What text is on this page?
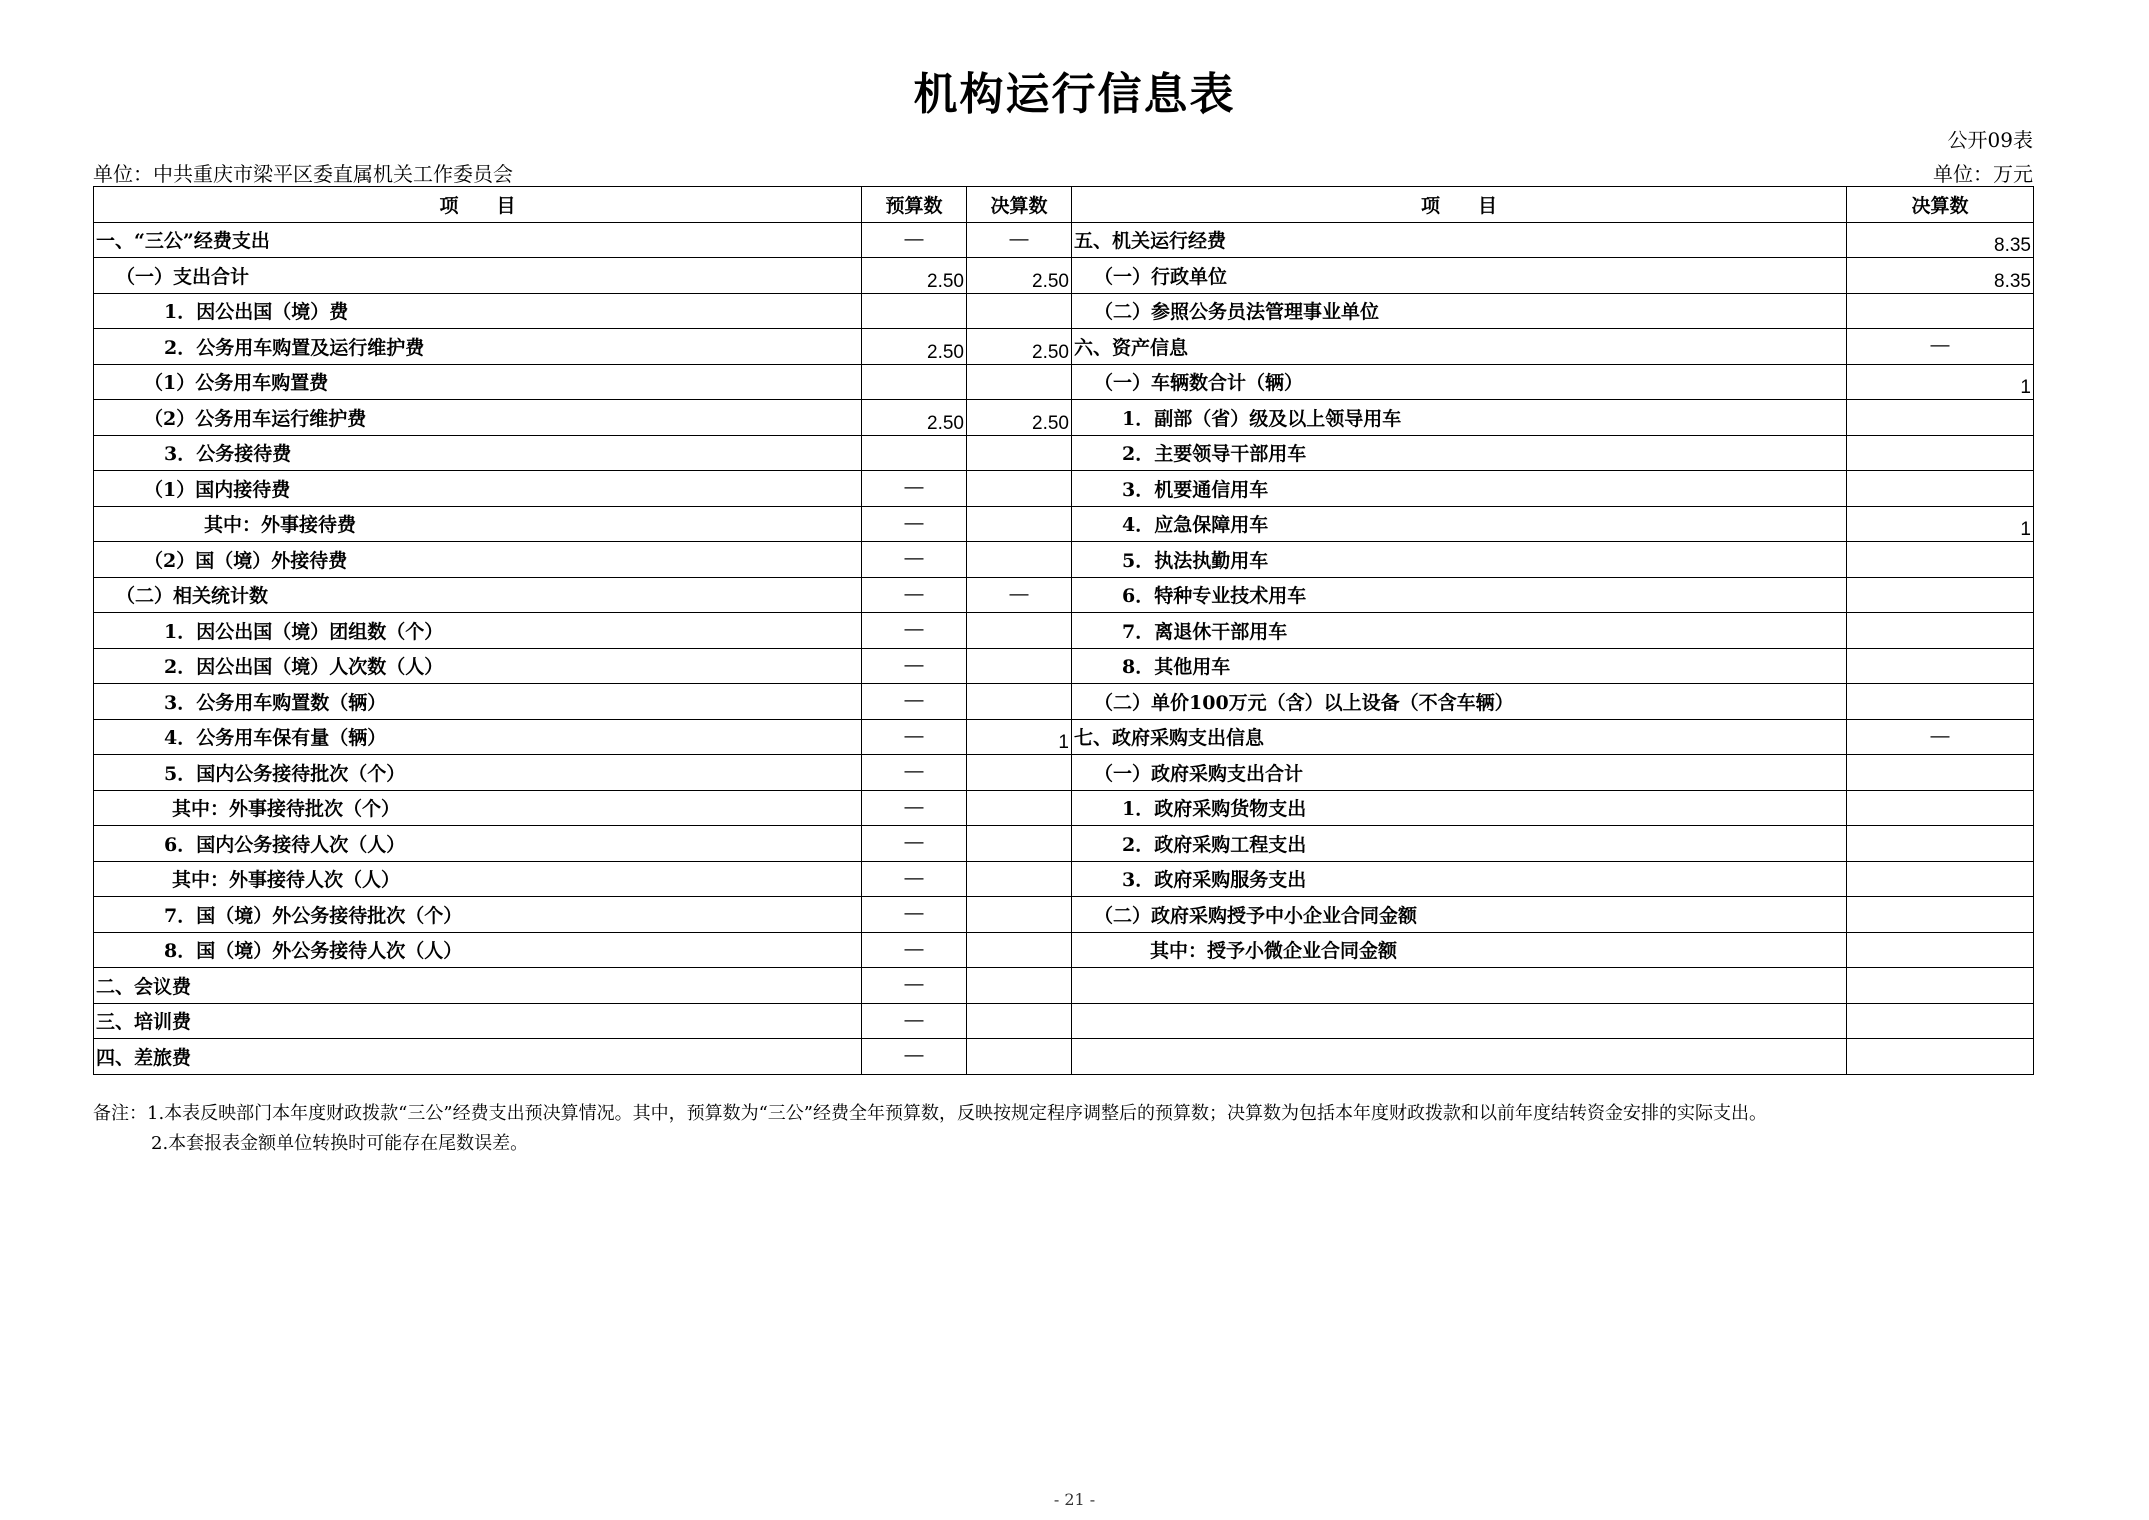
机构运行信息表
公开09表
单位：中共重庆市梁平区委直属机关工作委员会	单位：万元
项　　目	预算数	决算数	项　　目	决算数
一、“三公”经费支出	—	—	五、机关运行经费	8.35
（一）支出合计	2.50	2.50	（一）行政单位	8.35
1．因公出国（境）费			（二）参照公务员法管理事业单位	
2．公务用车购置及运行维护费	2.50	2.50	六、资产信息	—
（1）公务用车购置费			（一）车辆数合计（辆）	1
（2）公务用车运行维护费	2.50	2.50	1．副部（省）级及以上领导用车	
3．公务接待费			2．主要领导干部用车	
（1）国内接待费	—		3．机要通信用车	
其中：外事接待费	—		4．应急保障用车	1
（2）国（境）外接待费	—		5．执法执勤用车	
（二）相关统计数	—	—	6．特种专业技术用车	
1．因公出国（境）团组数（个）	—		7．离退休干部用车	
2．因公出国（境）人次数（人）	—		8．其他用车	
3．公务用车购置数（辆）	—		（二）单价100万元（含）以上设备（不含车辆）	
4．公务用车保有量（辆）	—	1	七、政府采购支出信息	—
5．国内公务接待批次（个）	—		（一）政府采购支出合计	
其中：外事接待批次（个）	—		1．政府采购货物支出	
6．国内公务接待人次（人）	—		2．政府采购工程支出	
其中：外事接待人次（人）	—		3．政府采购服务支出	
7．国（境）外公务接待批次（个）	—		（二）政府采购授予中小企业合同金额	
8．国（境）外公务接待人次（人）	—		其中：授予小微企业合同金额	
二、会议费	—			
三、培训费	—			
四、差旅费	—			
备注：1.本表反映部门本年度财政拨款“三公”经费支出预决算情况。其中，预算数为“三公”经费全年预算数，反映按规定程序调整后的预算数；决算数为包括本年度财政拨款和以前年度结转资金安排的实际支出。
2.本套报表金额单位转换时可能存在尾数误差。
- 21 -
